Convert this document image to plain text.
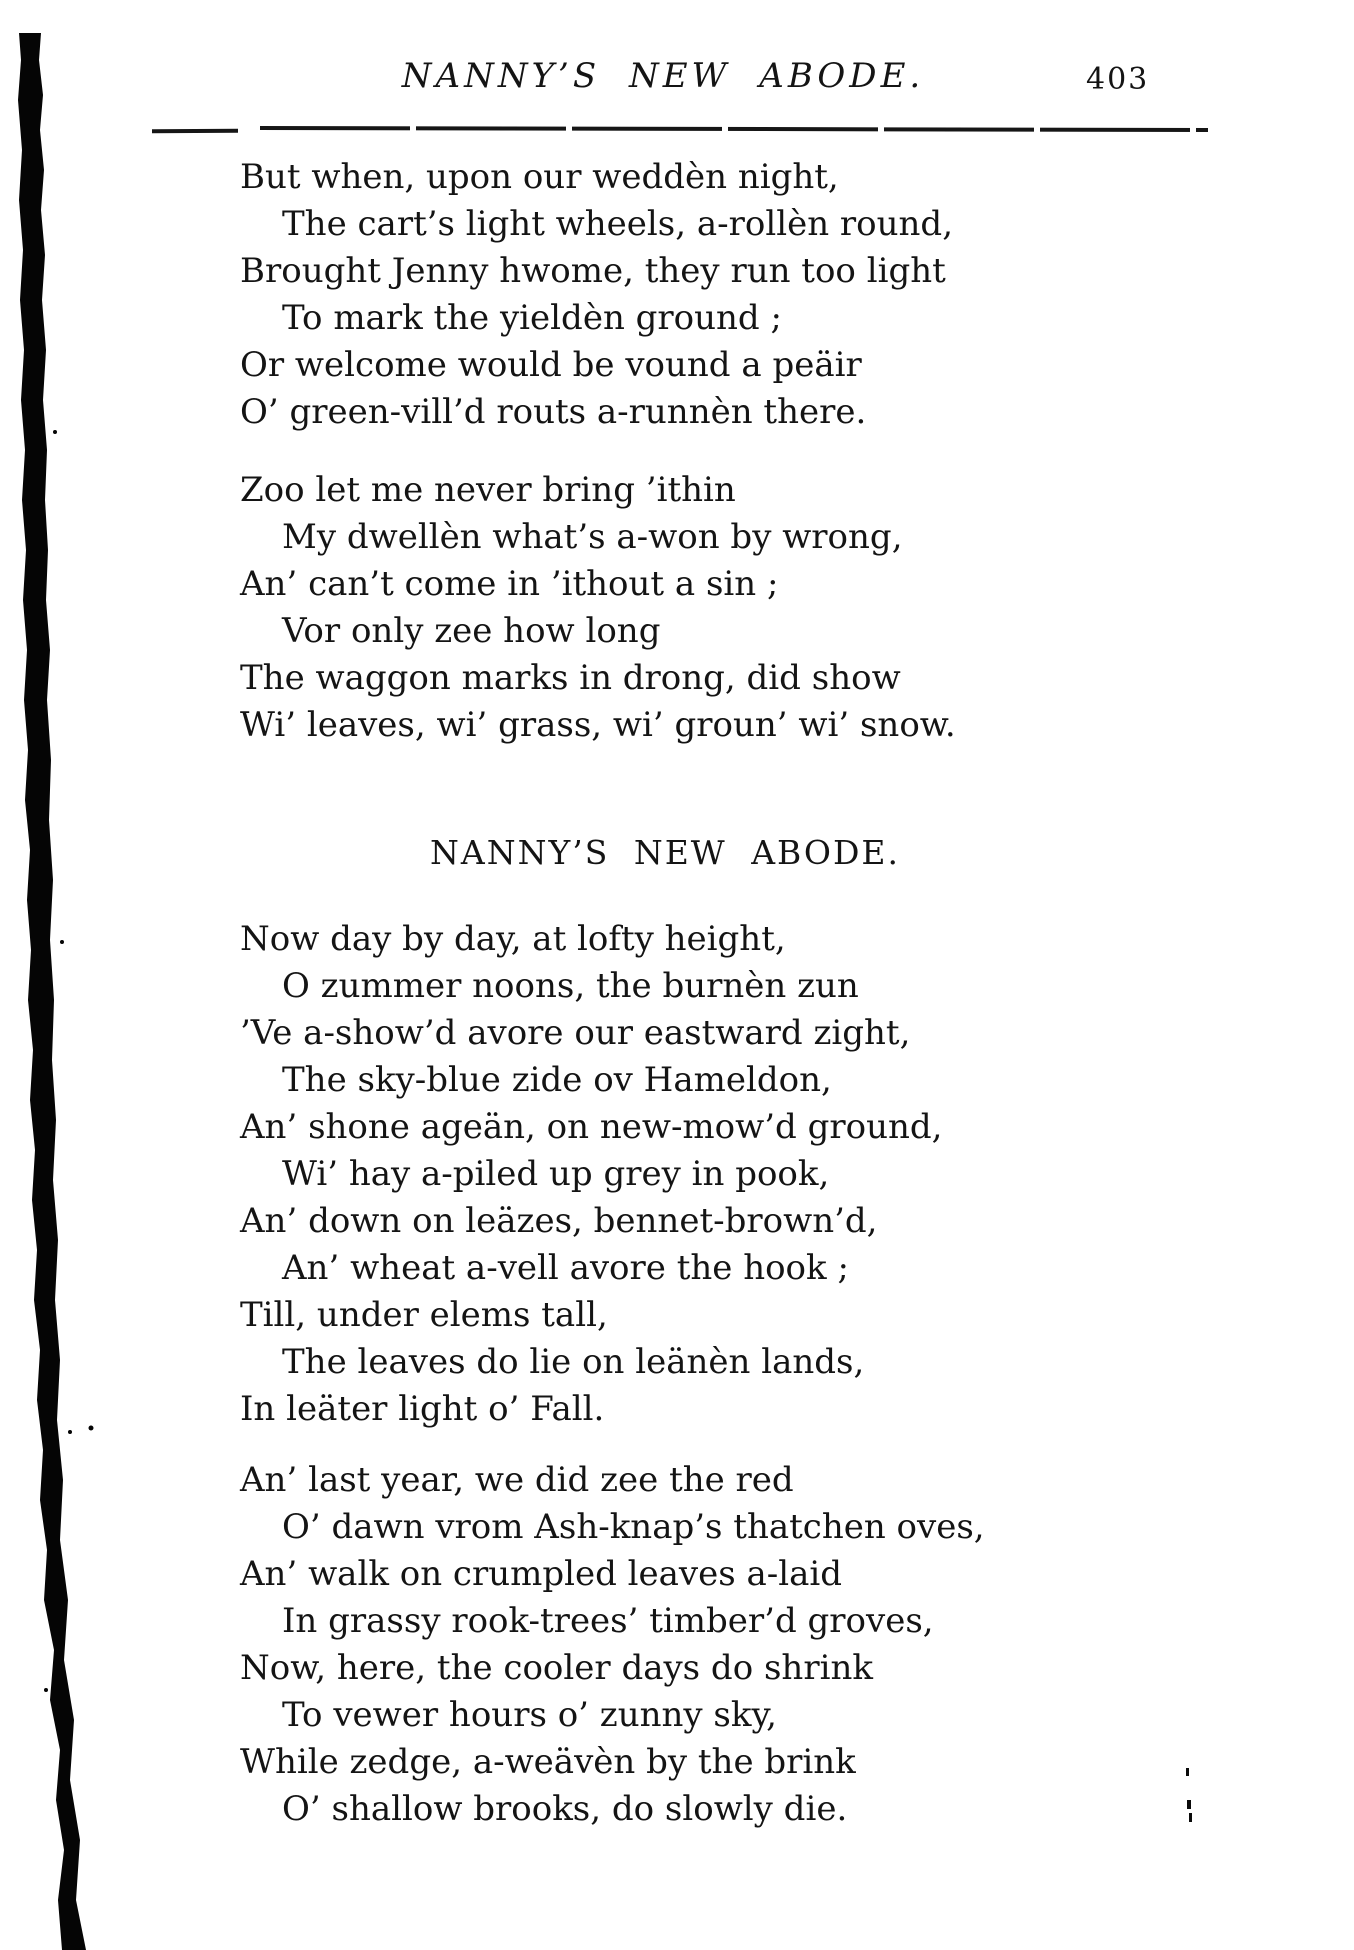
NANNY’S NEW ABODE.	403
But when, upon our weddèn night,
The cart’s light wheels, a-rollèn round,
Brought Jenny hwome, they run too light
To mark the yieldèn ground ;
Or welcome would be vound a peäir
O’ green-vill’d routs a-runnèn there.
Zoo let me never bring ’ithin
My dwellèn what’s a-won by wrong,
An’ can’t come in ’ithout a sin ;
Vor only zee how long
The waggon marks in drong, did show
Wi’ leaves, wi’ grass, wi’ groun’ wi’ snow.
NANNY’S NEW ABODE.
Now day by day, at lofty height,
O zummer noons, the burnèn zun
’Ve a-show’d avore our eastward zight,
The sky-blue zide ov Hameldon,
An’ shone ageän, on new-mow’d ground,
Wi’ hay a-piled up grey in pook,
An’ down on leäzes, bennet-brown’d,
An’ wheat a-vell avore the hook ;
Till, under elems tall,
The leaves do lie on leänèn lands,
In leäter light o’ Fall.
An’ last year, we did zee the red
O’ dawn vrom Ash-knap’s thatchen oves,
An’ walk on crumpled leaves a-laid
In grassy rook-trees’ timber’d groves,
Now, here, the cooler days do shrink
To vewer hours o’ zunny sky,
While zedge, a-weävèn by the brink
O’ shallow brooks, do slowly die.
